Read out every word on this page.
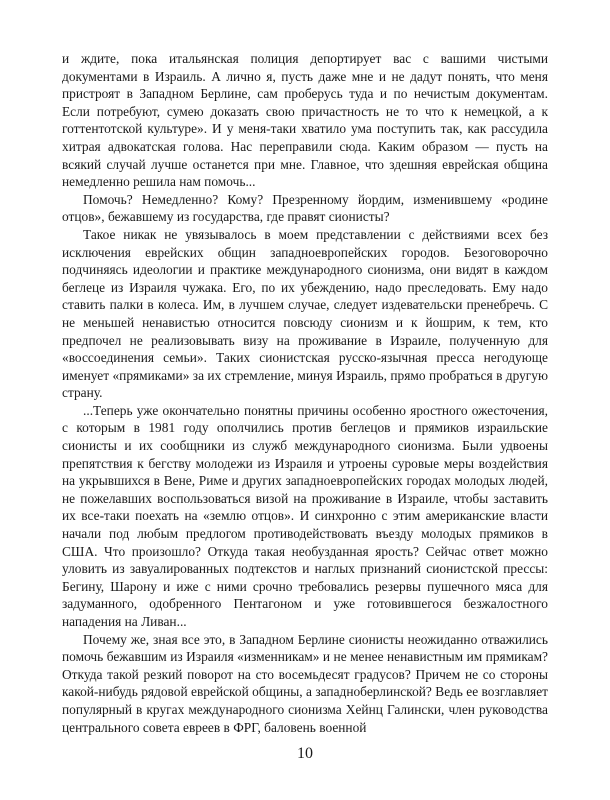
и ждите, пока итальянская полиция депортирует вас с вашими чистыми документами в Израиль. А лично я, пусть даже мне и не дадут понять, что меня пристроят в Западном Берлине, сам проберусь туда и по нечистым документам. Если потребуют, сумею доказать свою причастность не то что к немецкой, а к готтентотской культуре». И у меня-таки хватило ума поступить так, как рассудила хитрая адвокатская голова. Нас переправили сюда. Каким образом — пусть на всякий случай лучше останется при мне. Главное, что здешняя еврейская община немедленно решила нам помочь...

Помочь? Немедленно? Кому? Презренному йордим, изменившему «родине отцов», бежавшему из государства, где правят сионисты?

Такое никак не увязывалось в моем представлении с действиями всех без исключения еврейских общин западноевропейских городов. Безоговорочно подчиняясь идеологии и практике международного сионизма, они видят в каждом беглеце из Израиля чужака. Его, по их убеждению, надо преследовать. Ему надо ставить палки в колеса. Им, в лучшем случае, следует издевательски пренебречь. С не меньшей ненавистью относится повсюду сионизм и к йошрим, к тем, кто предпочел не реализовывать визу на проживание в Израиле, полученную для «воссоединения семьи». Таких сионистская русско-язычная пресса негодующе именует «прямиками» за их стремление, минуя Израиль, прямо пробраться в другую страну.

...Теперь уже окончательно понятны причины особенно яростного ожесточения, с которым в 1981 году ополчились против беглецов и прямиков израильские сионисты и их сообщники из служб международного сионизма. Были удвоены препятствия к бегству молодежи из Израиля и утроены суровые меры воздействия на укрывшихся в Вене, Риме и других западноевропейских городах молодых людей, не пожелавших воспользоваться визой на проживание в Израиле, чтобы заставить их все-таки поехать на «землю отцов». И синхронно с этим американские власти начали под любым предлогом противодействовать въезду молодых прямиков в США. Что произошло? Откуда такая необузданная ярость? Сейчас ответ можно уловить из завуалированных подтекстов и наглых признаний сионистской прессы: Бегину, Шарону и иже с ними срочно требовались резервы пушечного мяса для задуманного, одобренного Пентагоном и уже готовившегося безжалостного нападения на Ливан...

Почему же, зная все это, в Западном Берлине сионисты неожиданно отважились помочь бежавшим из Израиля «изменникам» и не менее ненавистным им прямикам? Откуда такой резкий поворот на сто восемьдесят градусов? Причем не со стороны какой-нибудь рядовой еврейской общины, а западноберлинской? Ведь ее возглавляет популярный в кругах международного сионизма Хейнц Галински, член руководства центрального совета евреев в ФРГ, баловень военной

10
